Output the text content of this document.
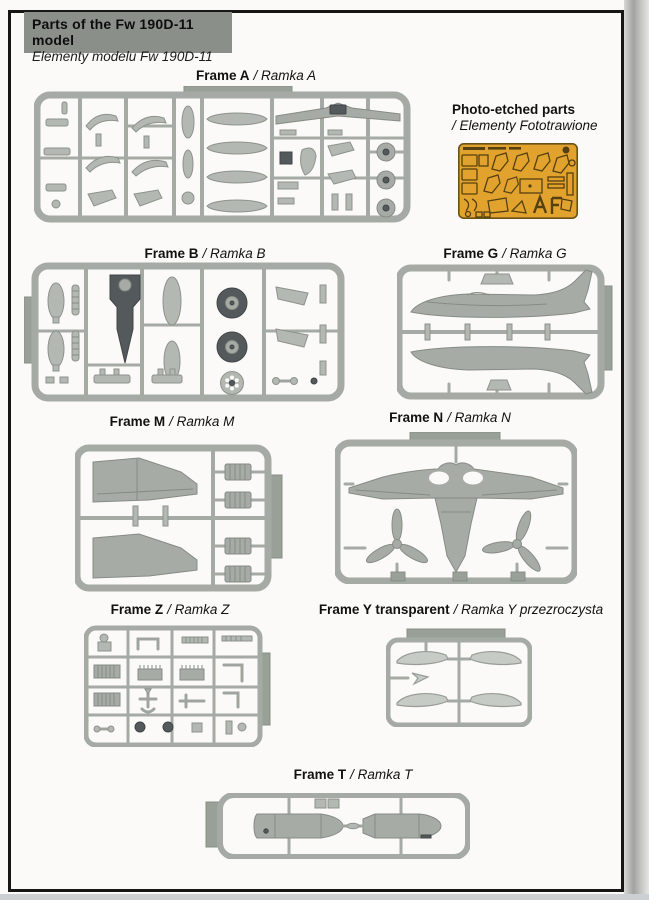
Parts of the Fw 190D-11 model
Elementy modelu Fw 190D-11
Frame A / Ramka A
Frame B / Ramka B	Frame G / Ramka G
Frame M / Ramka M	Frame N / Ramka N
Frame Z / Ramka Z	Frame Y transparent / Ramka Y przezroczysta
Frame T / Ramka T
Photo-etched parts
/ Elementy Fototrawione
